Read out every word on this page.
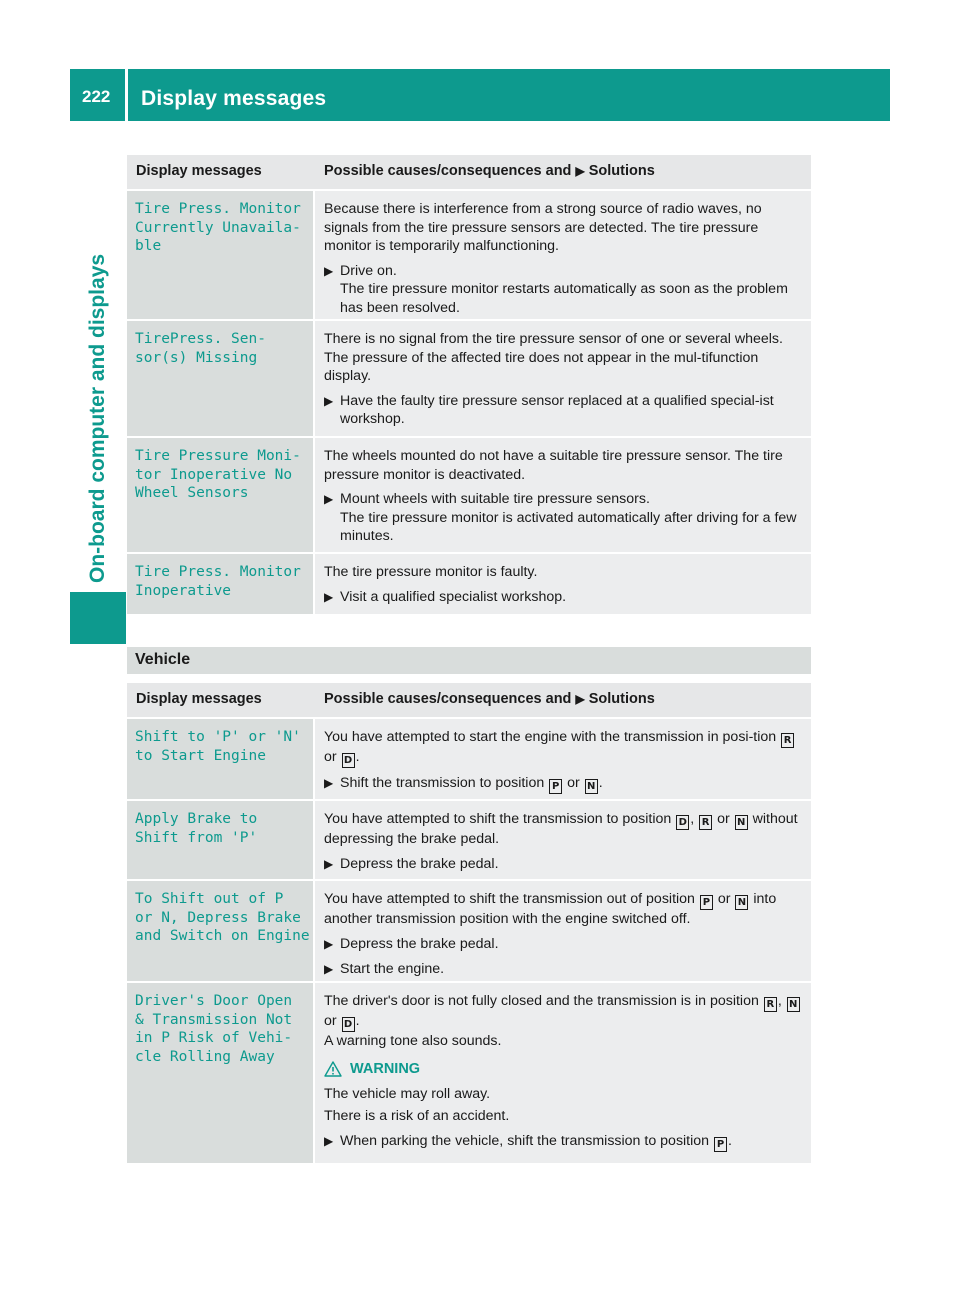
222 Display messages
On-board computer and displays
Display messages	Possible causes/consequences and ▶ Solutions
Tire Press. Monitor
Currently Unavaila‐
ble

Because there is interference from a strong source of radio waves, no signals from the tire pressure sensors are detected. The tire pressure monitor is temporarily malfunctioning.

▶ Drive on.
The tire pressure monitor restarts automatically as soon as the problem has been resolved.
TirePress. Sen‐
sor(s) Missing

There is no signal from the tire pressure sensor of one or several wheels. The pressure of the affected tire does not appear in the mul‐tifunction display.

▶ Have the faulty tire pressure sensor replaced at a qualified special‐ist workshop.
Tire Pressure Moni‐
tor Inoperative No
Wheel Sensors

The wheels mounted do not have a suitable tire pressure sensor. The tire pressure monitor is deactivated.

▶ Mount wheels with suitable tire pressure sensors.
The tire pressure monitor is activated automatically after driving for a few minutes.
Tire Press. Monitor
Inoperative

The tire pressure monitor is faulty.

▶ Visit a qualified specialist workshop.
Vehicle
Display messages	Possible causes/consequences and ▶ Solutions
Shift to 'P' or 'N'
to Start Engine

You have attempted to start the engine with the transmission in posi‐tion R or D .

▶ Shift the transmission to position P or N .
Apply Brake to
Shift from 'P'

You have attempted to shift the transmission to position D , R or N without depressing the brake pedal.

▶ Depress the brake pedal.
To Shift out of P
or N, Depress Brake
and Switch on Engine

You have attempted to shift the transmission out of position P or N into another transmission position with the engine switched off.

▶ Depress the brake pedal.
▶ Start the engine.
Driver's Door Open
& Transmission Not
in P Risk of Vehi‐
cle Rolling Away

The driver's door is not fully closed and the transmission is in position R , N or D .

A warning tone also sounds.

WARNING

The vehicle may roll away.

There is a risk of an accident.

▶ When parking the vehicle, shift the transmission to position P .
